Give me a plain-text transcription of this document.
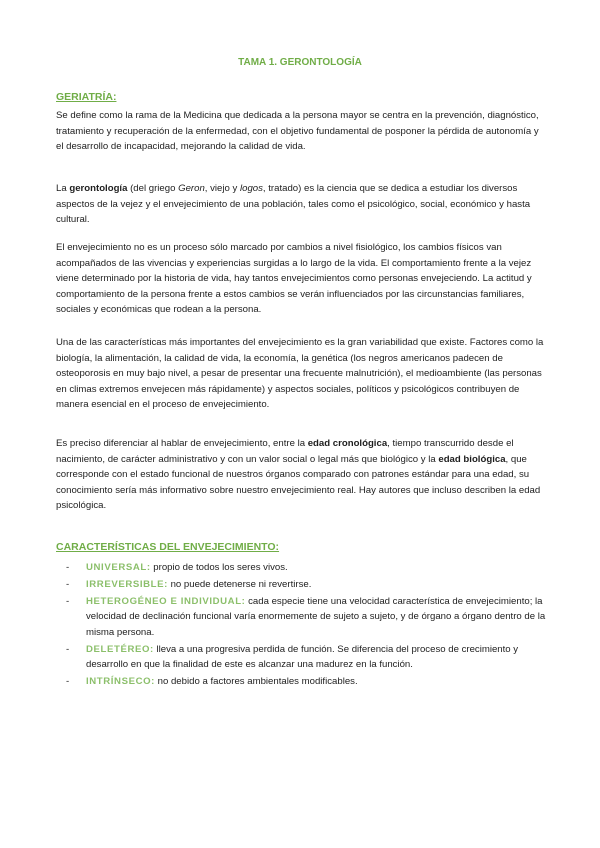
TAMA 1. GERONTOLOGÍA
GERIATRÍA:

Se define como la rama de la Medicina que dedicada a la persona mayor se centra en la prevención, diagnóstico, tratamiento y recuperación de la enfermedad, con el objetivo fundamental de posponer la pérdida de autonomía y el desarrollo de incapacidad, mejorando la calidad de vida.

La gerontología (del griego Geron, viejo y logos, tratado) es la ciencia que se dedica a estudiar los diversos aspectos de la vejez y el envejecimiento de una población, tales como el psicológico, social, económico y hasta cultural.

El envejecimiento no es un proceso sólo marcado por cambios a nivel fisiológico, los cambios físicos van acompañados de las vivencias y experiencias surgidas a lo largo de la vida. El comportamiento frente a la vejez viene determinado por la historia de vida, hay tantos envejecimientos como personas envejeciendo. La actitud y comportamiento de la persona frente a estos cambios se verán influenciados por las circunstancias familiares, sociales y económicas que rodean a la persona.

Una de las características más importantes del envejecimiento es la gran variabilidad que existe. Factores como la biología, la alimentación, la calidad de vida, la economía, la genética (los negros americanos padecen de osteoporosis en muy bajo nivel, a pesar de presentar una frecuente malnutrición), el medioambiente (las personas en climas extremos envejecen más rápidamente) y aspectos sociales, políticos y psicológicos contribuyen de manera esencial en el proceso de envejecimiento.

Es preciso diferenciar al hablar de envejecimiento, entre la edad cronológica, tiempo transcurrido desde el nacimiento, de carácter administrativo y con un valor social o legal más que biológico y la edad biológica, que corresponde con el estado funcional de nuestros órganos comparado con patrones estándar para una edad, su conocimiento sería más informativo sobre nuestro envejecimiento real. Hay autores que incluso describen la edad psicológica.

CARACTERÍSTICAS DEL ENVEJECIMIENTO:
- UNIVERSAL: propio de todos los seres vivos.
- IRREVERSIBLE: no puede detenerse ni revertirse.
- HETEROGÉNEO E INDIVIDUAL: cada especie tiene una velocidad característica de envejecimiento; la velocidad de declinación funcional varía enormemente de sujeto a sujeto, y de órgano a órgano dentro de la misma persona.
- DELETÉREO: lleva a una progresiva perdida de función. Se diferencia del proceso de crecimiento y desarrollo en que la finalidad de este es alcanzar una madurez en la función.
- INTRÍNSECO: no debido a factores ambientales modificables.
